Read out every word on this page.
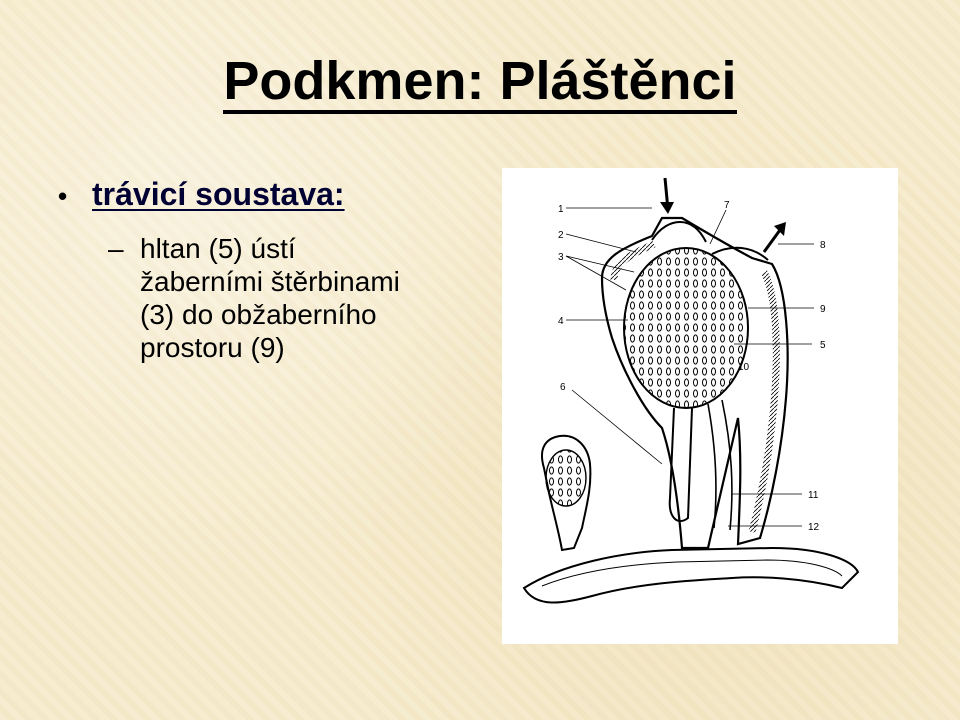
Podkmen: Pláštěnci
• trávicí soustava:
– hltan (5) ústí
žaberními štěrbinami
(3) do obžaberního
prostoru (9)
1
2
3
4
5
6
7
8
9
10
11
12
